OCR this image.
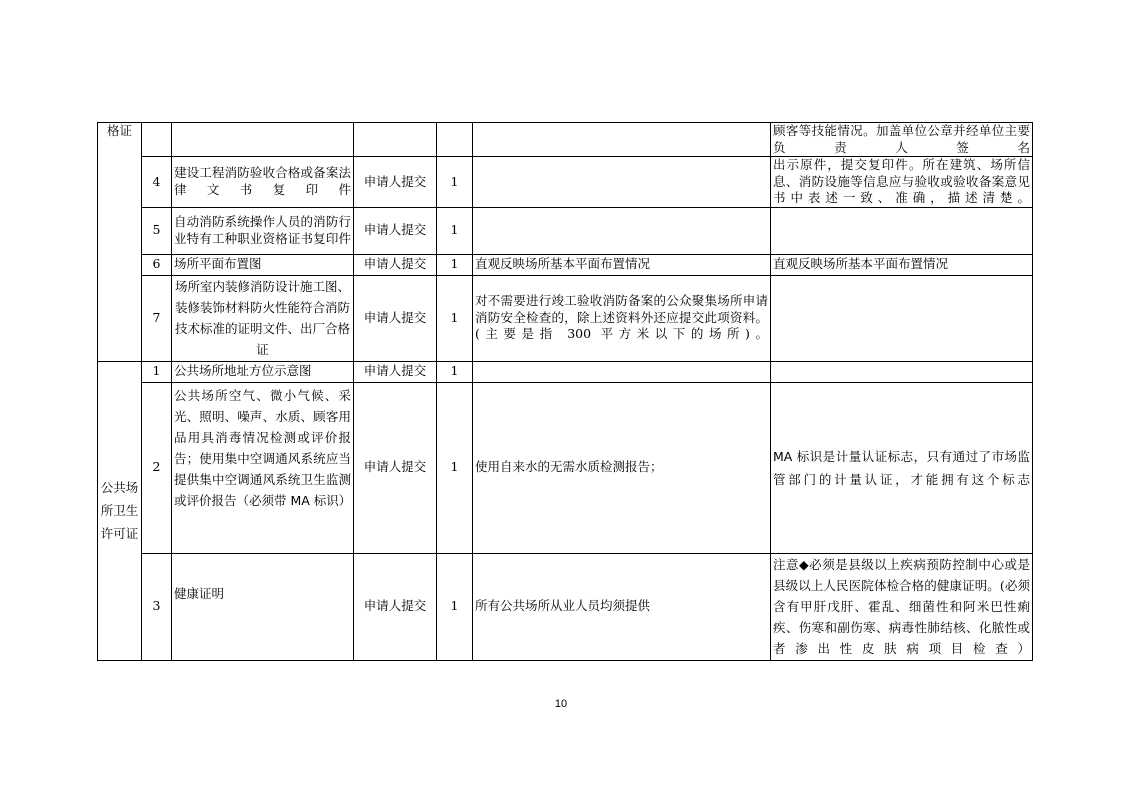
格证						顾客等技能情况。加盖单位公章并经单位主要负责人签名
	4	建设工程消防验收合格或备案法律文书复印件	申请人提交	1		出示原件，提交复印件。所在建筑、场所信息、消防设施等信息应与验收或验收备案意见书中表述一致、准确，描述清楚。
	5	自动消防系统操作人员的消防行业特有工种职业资格证书复印件	申请人提交	1		
	6	场所平面布置图	申请人提交	1	直观反映场所基本平面布置情况	直观反映场所基本平面布置情况
	7	场所室内装修消防设计施工图、装修装饰材料防火性能符合消防技术标准的证明文件、出厂合格证	申请人提交	1	对不需要进行竣工验收消防备案的公众聚集场所申请消防安全检查的，除上述资料外还应提交此项资料。(主要是指 300 平方米以下的场所)。	
公共场所卫生许可证	1	公共场所地址方位示意图	申请人提交	1		
	2	公共场所空气、微小气候、采光、照明、噪声、水质、顾客用品用具消毒情况检测或评价报告；使用集中空调通风系统应当提供集中空调通风系统卫生监测或评价报告（必须带 MA 标识）	申请人提交	1	使用自来水的无需水质检测报告；	MA 标识是计量认证标志，只有通过了市场监管部门的计量认证，才能拥有这个标志
	3	健康证明	申请人提交	1	所有公共场所从业人员均须提供	注意◆必须是县级以上疾病预防控制中心或是县级以上人民医院体检合格的健康证明。(必须含有甲肝戊肝、霍乱、细菌性和阿米巴性痢疾、伤寒和副伤寒、病毒性肺结核、化脓性或者渗出性皮肤病项目检查）
10
